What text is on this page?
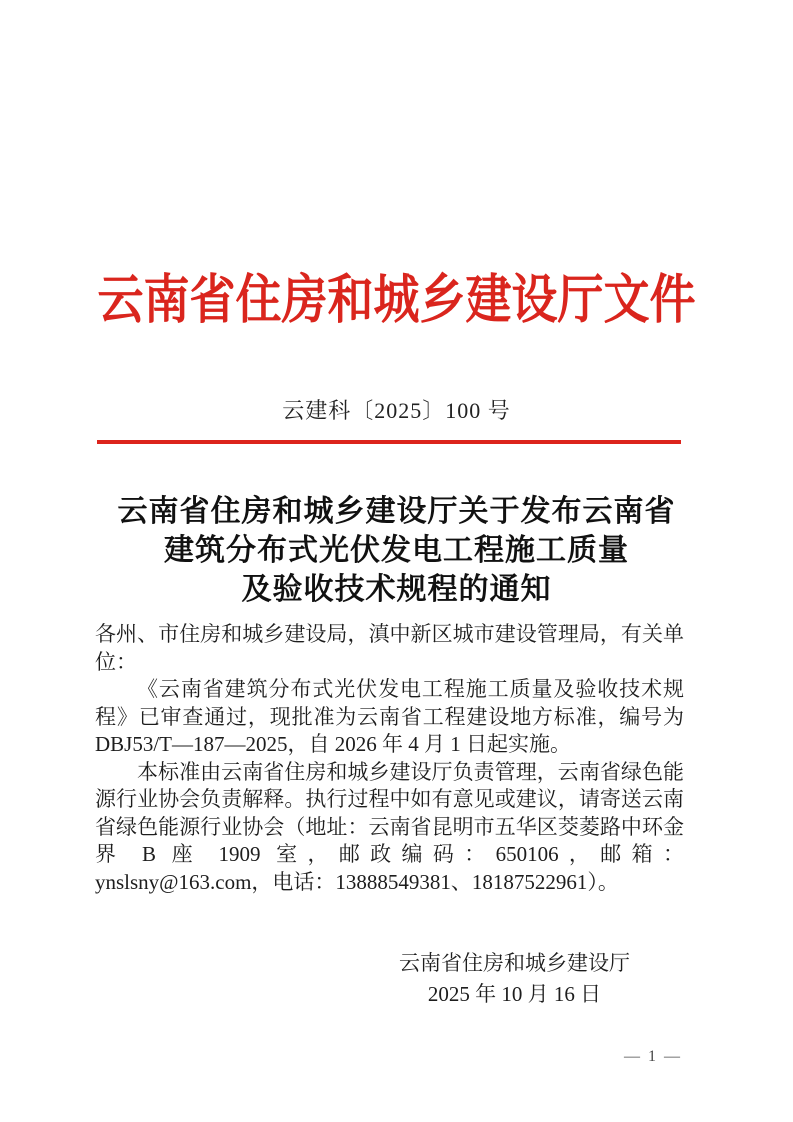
云南省住房和城乡建设厅文件
云建科〔2025〕100 号
云南省住房和城乡建设厅关于发布云南省
建筑分布式光伏发电工程施工质量
及验收技术规程的通知

各州、市住房和城乡建设局，滇中新区城市建设管理局，有关单位：

《云南省建筑分布式光伏发电工程施工质量及验收技术规程》已审查通过，现批准为云南省工程建设地方标准，编号为 DBJ53/T—187—2025，自 2026 年 4 月 1 日起实施。

本标准由云南省住房和城乡建设厅负责管理，云南省绿色能源行业协会负责解释。执行过程中如有意见或建议，请寄送云南省绿色能源行业协会（地址：云南省昆明市五华区茭菱路中环金界 B 座 1909 室，邮政编码：650106，邮箱：ynslsny@163.com，电话：13888549381、18187522961）。

云南省住房和城乡建设厅
2025 年 10 月 16 日
— 1 —
